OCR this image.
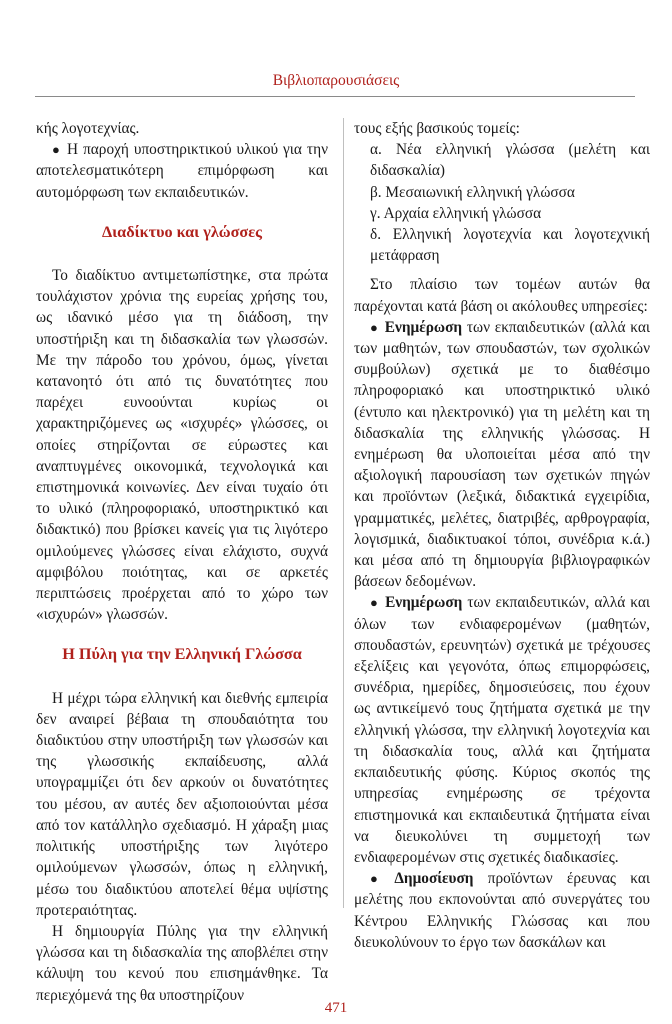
Βιβλιοπαρουσιάσεις

κής λογοτεχνίας.

● Η παροχή υποστηρικτικού υλικού για την αποτελεσματικότερη επιμόρφωση και αυτομόρφωση των εκπαιδευτικών.

Διαδίκτυο και γλώσσες

Το διαδίκτυο αντιμετωπίστηκε, στα πρώτα τουλάχιστον χρόνια της ευρείας χρήσης του, ως ιδανικό μέσο για τη διάδοση, την υποστήριξη και τη διδασκαλία των γλωσσών. Με την πάροδο του χρόνου, όμως, γίνεται κατανοητό ότι από τις δυνατότητες που παρέχει ευνοούνται κυρίως οι χαρακτηριζόμενες ως «ισχυρές» γλώσσες, οι οποίες στηρίζονται σε εύρωστες και αναπτυγμένες οικονομικά, τεχνολογικά και επιστημονικά κοινωνίες. Δεν είναι τυχαίο ότι το υλικό (πληροφοριακό, υποστηρικτικό και διδακτικό) που βρίσκει κανείς για τις λιγότερο ομιλούμενες γλώσσες είναι ελάχιστο, συχνά αμφιβόλου ποιότητας, και σε αρκετές περιπτώσεις προέρχεται από το χώρο των «ισχυρών» γλωσσών.

Η Πύλη για την Ελληνική Γλώσσα

Η μέχρι τώρα ελληνική και διεθνής εμπειρία δεν αναιρεί βέβαια τη σπουδαιότητα του διαδικτύου στην υποστήριξη των γλωσσών και της γλωσσικής εκπαίδευσης, αλλά υπογραμμίζει ότι δεν αρκούν οι δυνατότητες του μέσου, αν αυτές δεν αξιοποιούνται μέσα από τον κατάλληλο σχεδιασμό. Η χάραξη μιας πολιτικής υποστήριξης των λιγότερο ομιλούμενων γλωσσών, όπως η ελληνική, μέσω του διαδικτύου αποτελεί θέμα υψίστης προτεραιότητας.

Η δημιουργία Πύλης για την ελληνική γλώσσα και τη διδασκαλία της αποβλέπει στην κάλυψη του κενού που επισημάνθηκε. Τα περιεχόμενά της θα υποστηρίζουν

τους εξής βασικούς τομείς:

α. Νέα ελληνική γλώσσα (μελέτη και διδασκαλία)
β. Μεσαιωνική ελληνική γλώσσα
γ. Αρχαία ελληνική γλώσσα
δ. Ελληνική λογοτεχνία και λογοτεχνική μετάφραση

Στο πλαίσιο των τομέων αυτών θα παρέχονται κατά βάση οι ακόλουθες υπηρεσίες:

● Ενημέρωση των εκπαιδευτικών (αλλά και των μαθητών, των σπουδαστών, των σχολικών συμβούλων) σχετικά με το διαθέσιμο πληροφοριακό και υποστηρικτικό υλικό (έντυπο και ηλεκτρονικό) για τη μελέτη και τη διδασκαλία της ελληνικής γλώσσας. Η ενημέρωση θα υλοποιείται μέσα από την αξιολογική παρουσίαση των σχετικών πηγών και προϊόντων (λεξικά, διδακτικά εγχειρίδια, γραμματικές, μελέτες, διατριβές, αρθρογραφία, λογισμικά, διαδικτυακοί τόποι, συνέδρια κ.ά.) και μέσα από τη δημιουργία βιβλιογραφικών βάσεων δεδομένων.

● Ενημέρωση των εκπαιδευτικών, αλλά και όλων των ενδιαφερομένων (μαθητών, σπουδαστών, ερευνητών) σχετικά με τρέχουσες εξελίξεις και γεγονότα, όπως επιμορφώσεις, συνέδρια, ημερίδες, δημοσιεύσεις, που έχουν ως αντικείμενό τους ζητήματα σχετικά με την ελληνική γλώσσα, την ελληνική λογοτεχνία και τη διδασκαλία τους, αλλά και ζητήματα εκπαιδευτικής φύσης. Κύριος σκοπός της υπηρεσίας ενημέρωσης σε τρέχοντα επιστημονικά και εκπαιδευτικά ζητήματα είναι να διευκολύνει τη συμμετοχή των ενδιαφερομένων στις σχετικές διαδικασίες.

● Δημοσίευση προϊόντων έρευνας και μελέτης που εκπονούνται από συνεργάτες του Κέντρου Ελληνικής Γλώσσας και που διευκολύνουν το έργο των δασκάλων και

471
